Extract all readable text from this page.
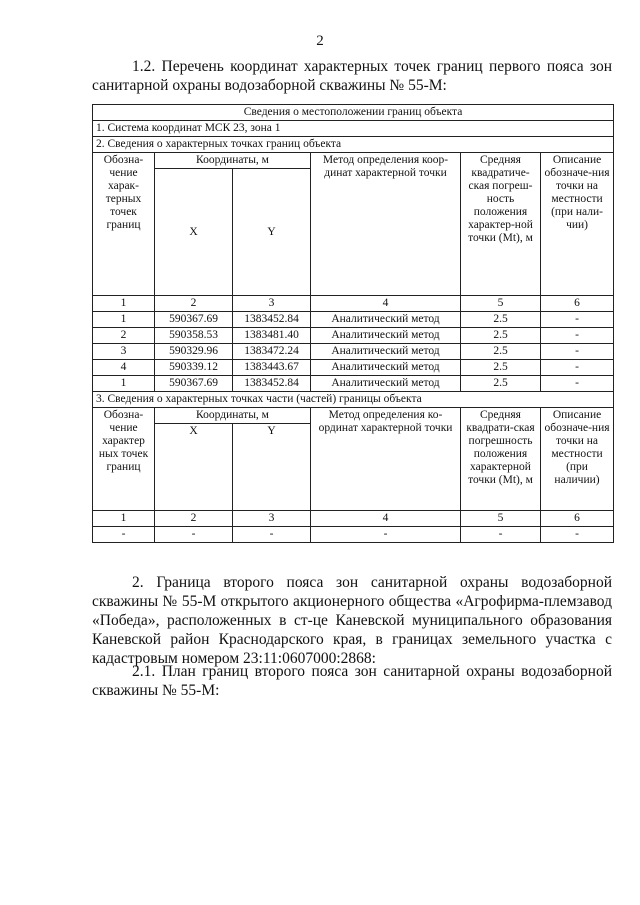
2

1.2. Перечень координат характерных точек границ первого пояса зон санитарной охраны водозаборной скважины № 55-М:

Сведения о местоположении границ объекта					
1. Система координат МСК 23, зона 1					
2. Сведения о характерных точках границ объекта					
Обозна-чение харак-терных точек границ	Координаты, м		Метод определения коор-динат характерной точки	Средняя квадратиче-ская погреш-ность положения характер-ной точки (Mt), м	Описание обозначе-ния точки на местности (при нали-чии)
	X	Y			
1	2	3	4	5	6
1	590367.69	1383452.84	Аналитический метод	2.5	-
2	590358.53	1383481.40	Аналитический метод	2.5	-
3	590329.96	1383472.24	Аналитический метод	2.5	-
4	590339.12	1383443.67	Аналитический метод	2.5	-
1	590367.69	1383452.84	Аналитический метод	2.5	-
3. Сведения о характерных точках части (частей) границы объекта					
Обозна-чение характер ных точек границ	Координаты, м		Метод определения ко-ординат характерной точки	Средняя квадрати-ская погрешность положения характерной точки (Mt), м	Описание обозначе-ния точки на местности (при наличии)
	X	Y			
1	2	3	4	5	6
-	-	-	-	-	-

2. Граница второго пояса зон санитарной охраны водозаборной скважины № 55-М открытого акционерного общества «Агрофирма-племзавод «Победа», расположенных в ст-це Каневской муниципального образования Каневской район Краснодарского края, в границах земельного участка с кадастровым номером 23:11:0607000:2868:

2.1. План границ второго пояса зон санитарной охраны водозаборной скважины № 55-М:
